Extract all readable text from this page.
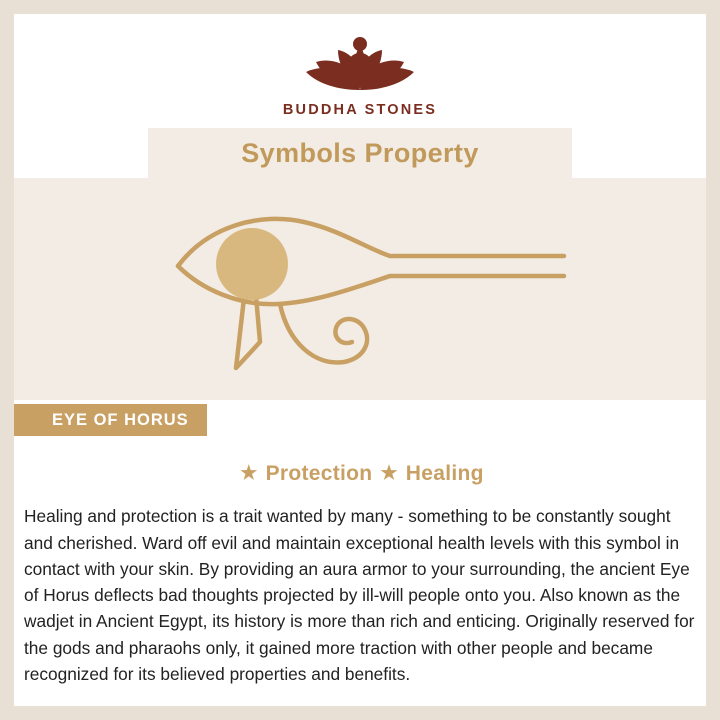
BUDDHA STONES
Symbols Property
EYE OF HORUS
★ Protection ★ Healing

Healing and protection is a trait wanted by many - something to be constantly sought and cherished. Ward off evil and maintain exceptional health levels with this symbol in contact with your skin. By providing an aura armor to your surrounding, the ancient Eye of Horus deflects bad thoughts projected by ill-will people onto you. Also known as the wadjet in Ancient Egypt, its history is more than rich and enticing. Originally reserved for the gods and pharaohs only, it gained more traction with other people and became recognized for its believed properties and benefits.
